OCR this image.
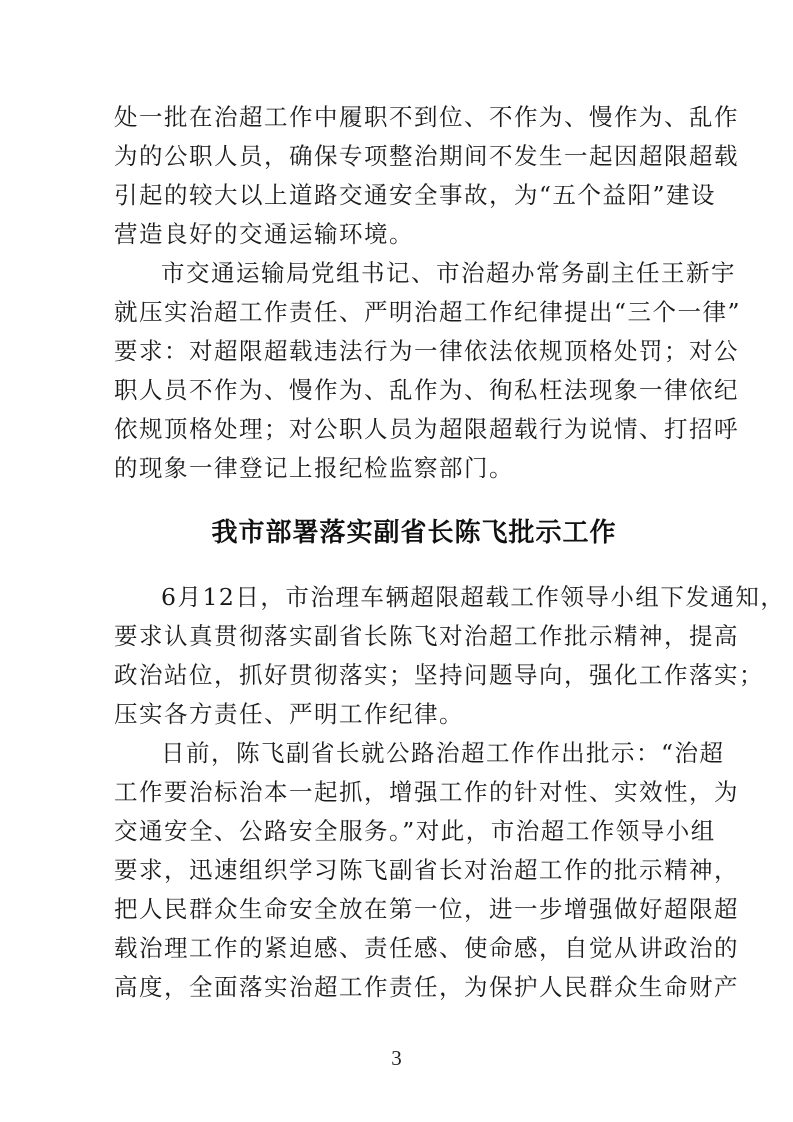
处一批在治超工作中履职不到位、不作为、慢作为、乱作
为的公职人员，确保专项整治期间不发生一起因超限超载
引起的较大以上道路交通安全事故，为“五个益阳”建设
营造良好的交通运输环境。

市交通运输局党组书记、市治超办常务副主任王新宇
就压实治超工作责任、严明治超工作纪律提出“三个一律”
要求：对超限超载违法行为一律依法依规顶格处罚；对公
职人员不作为、慢作为、乱作为、徇私枉法现象一律依纪
依规顶格处理；对公职人员为超限超载行为说情、打招呼
的现象一律登记上报纪检监察部门。

我市部署落实副省长陈飞批示工作

6月12日，市治理车辆超限超载工作领导小组下发通知，
要求认真贯彻落实副省长陈飞对治超工作批示精神，提高
政治站位，抓好贯彻落实；坚持问题导向，强化工作落实；
压实各方责任、严明工作纪律。

日前，陈飞副省长就公路治超工作作出批示：“治超
工作要治标治本一起抓，增强工作的针对性、实效性，为
交通安全、公路安全服务。”对此，市治超工作领导小组
要求，迅速组织学习陈飞副省长对治超工作的批示精神，
把人民群众生命安全放在第一位，进一步增强做好超限超
载治理工作的紧迫感、责任感、使命感，自觉从讲政治的
高度，全面落实治超工作责任，为保护人民群众生命财产

3
